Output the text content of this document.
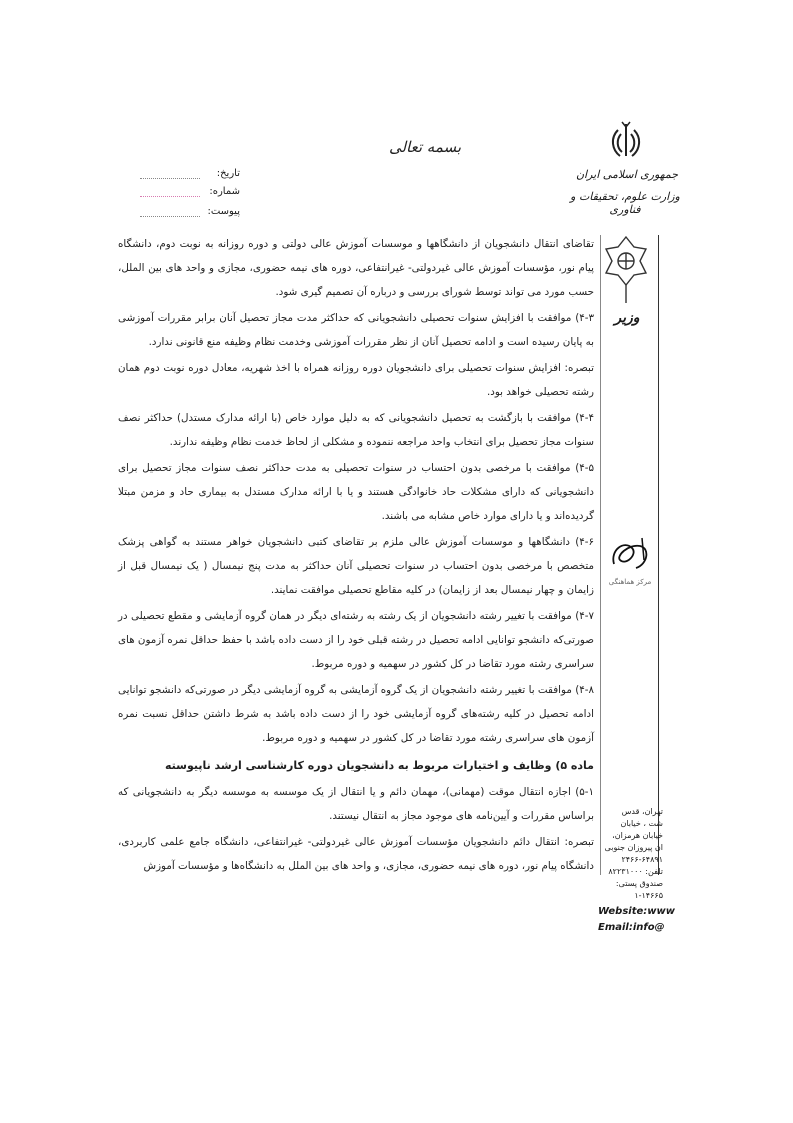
بسمه تعالی
جمهوری اسلامی ایران
وزارت علوم، تحقیقات و فناوری
تاریخ:
شماره:
پیوست:
وزیر
مرکز هماهنگی
تهران، قدس
شت ، خیابان
خیابان هرمزان،
ان پیروزان جنوبی
۲۴۶۶-۶۴۸۹۱
تلفن: ۸۲۲۳۱۰۰۰
صندوق پستی:
۱-۱۴۶۶۵
Website:www
Email:info@

تقاضای انتقال دانشجویان از دانشگاهها و موسسات آموزش عالی دولتی و دوره روزانه به نوبت دوم، دانشگاه پیام نور، مؤسسات آموزش عالی غیردولتی- غیرانتفاعی، دوره های نیمه حضوری، مجازی و واحد های بین الملل، حسب مورد می تواند توسط شورای بررسی و درباره آن تصمیم گیری شود.

۴-۳) موافقت با افزایش سنوات تحصیلی دانشجویانی که حداکثر مدت مجاز تحصیل آنان برابر مقررات آموزشی به پایان رسیده است و ادامه تحصیل آنان از نظر مقررات آموزشی وخدمت نظام وظیفه منع قانونی ندارد.

تبصره: افزایش سنوات تحصیلی برای دانشجویان دوره روزانه همراه با اخذ شهریه، معادل دوره نوبت دوم همان رشته تحصیلی خواهد بود.

۴-۴) موافقت با بازگشت به تحصیل دانشجویانی که به دلیل موارد خاص (با ارائه مدارک مستدل) حداکثر نصف سنوات مجاز تحصیل برای انتخاب واحد مراجعه ننموده و مشکلی از لحاظ خدمت نظام وظیفه ندارند.

۴-۵) موافقت با مرخصی بدون احتساب در سنوات تحصیلی به مدت حداکثر نصف سنوات مجاز تحصیل برای دانشجویانی که دارای مشکلات حاد خانوادگی هستند و یا با ارائه مدارک مستدل به بیماری حاد و مزمن مبتلا گردیده‌اند و یا دارای موارد خاص مشابه می باشند.

۴-۶) دانشگاهها و موسسات آموزش عالی ملزم بر تقاضای کتبی دانشجویان خواهر مستند به گواهی پزشک متخصص با مرخصی بدون احتساب در سنوات تحصیلی آنان حداکثر به مدت پنج نیمسال ( یک نیمسال قبل از زایمان و چهار نیمسال بعد از زایمان) در کلیه مقاطع تحصیلی موافقت نمایند.

۴-۷) موافقت با تغییر رشته دانشجویان از یک رشته به رشته‌ای دیگر در همان گروه آزمایشی و مقطع تحصیلی در صورتی‌که دانشجو توانایی ادامه تحصیل در رشته قبلی خود را از دست داده باشد با حفظ حداقل نمره آزمون های سراسری رشته مورد تقاضا در کل کشور در سهمیه و دوره مربوط.

۴-۸) موافقت با تغییر رشته دانشجویان از یک گروه آزمایشی به گروه آزمایشی دیگر در صورتی‌که دانشجو توانایی ادامه تحصیل در کلیه رشته‌های گروه آزمایشی خود را از دست داده باشد به شرط داشتن حداقل نسبت نمره آزمون های سراسری رشته مورد تقاضا در کل کشور در سهمیه و دوره مربوط.

ماده ۵) وظایف و اختیارات مربوط به دانشجویان دوره کارشناسی ارشد ناپیوسته

۵-۱) اجازه انتقال موقت (مهمانی)، مهمان دائم و یا انتقال از یک موسسه به موسسه دیگر به دانشجویانی که براساس مقررات و آیین‌نامه های موجود مجاز به انتقال نیستند.

تبصره: انتقال دائم دانشجویان مؤسسات آموزش عالی غیردولتی- غیرانتفاعی، دانشگاه جامع علمی کاربردی، دانشگاه پیام نور، دوره های نیمه حضوری، مجازی، و واحد های بین الملل به دانشگاه‌ها و مؤسسات آموزش
